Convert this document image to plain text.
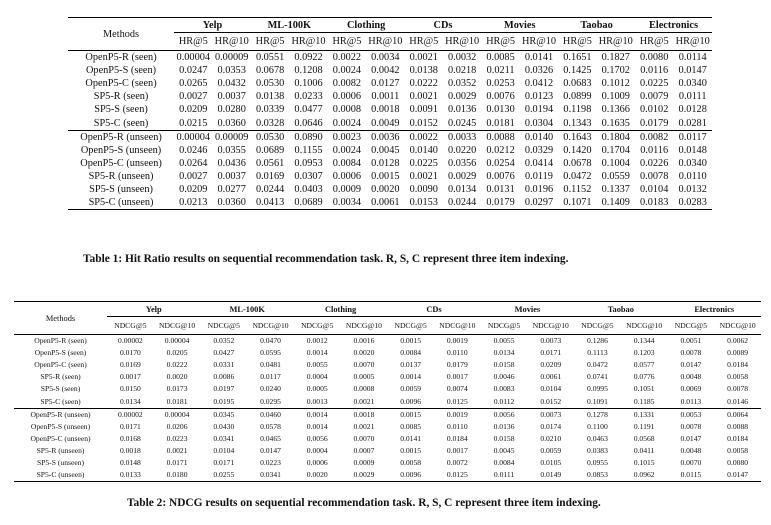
Methods	Yelp		ML-100K		Clothing		CDs		Movies		Taobao		Electronics	
	HR@5	HR@10	HR@5	HR@10	HR@5	HR@10	HR@5	HR@10	HR@5	HR@10	HR@5	HR@10	HR@5	HR@10
OpenP5-R (seen)	0.00004	0.00009	0.0551	0.0922	0.0022	0.0034	0.0021	0.0032	0.0085	0.0141	0.1651	0.1827	0.0080	0.0114
OpenP5-S (seen)	0.0247	0.0353	0.0678	0.1208	0.0024	0.0042	0.0138	0.0218	0.0211	0.0326	0.1425	0.1702	0.0116	0.0147
OpenP5-C (seen)	0.0265	0.0432	0.0530	0.1006	0.0082	0.0127	0.0222	0.0352	0.0253	0.0412	0.0683	0.1012	0.0225	0.0340
SP5-R (seen)	0.0027	0.0037	0.0138	0.0233	0.0006	0.0011	0.0021	0.0029	0.0076	0.0123	0.0899	0.1009	0.0079	0.0111
SP5-S (seen)	0.0209	0.0280	0.0339	0.0477	0.0008	0.0018	0.0091	0.0136	0.0130	0.0194	0.1198	0.1366	0.0102	0.0128
SP5-C (seen)	0.0215	0.0360	0.0328	0.0646	0.0024	0.0049	0.0152	0.0245	0.0181	0.0304	0.1343	0.1635	0.0179	0.0281
OpenP5-R (unseen)	0.00004	0.00009	0.0530	0.0890	0.0023	0.0036	0.0022	0.0033	0.0088	0.0140	0.1643	0.1804	0.0082	0.0117
OpenP5-S (unseen)	0.0246	0.0355	0.0689	0.1155	0.0024	0.0045	0.0140	0.0220	0.0212	0.0329	0.1420	0.1704	0.0116	0.0148
OpenP5-C (unseen)	0.0264	0.0436	0.0561	0.0953	0.0084	0.0128	0.0225	0.0356	0.0254	0.0414	0.0678	0.1004	0.0226	0.0340
SP5-R (unseen)	0.0027	0.0037	0.0169	0.0307	0.0006	0.0015	0.0021	0.0029	0.0076	0.0119	0.0472	0.0559	0.0078	0.0110
SP5-S (unseen)	0.0209	0.0277	0.0244	0.0403	0.0009	0.0020	0.0090	0.0134	0.0131	0.0196	0.1152	0.1337	0.0104	0.0132
SP5-C (unseen)	0.0213	0.0360	0.0413	0.0689	0.0034	0.0061	0.0153	0.0244	0.0179	0.0297	0.1071	0.1409	0.0183	0.0283
Table 1: Hit Ratio results on sequential recommendation task. R, S, C represent three item indexing.
Methods	Yelp		ML-100K		Clothing		CDs		Movies		Taobao		Electronics	
	NDCG@5	NDCG@10	NDCG@5	NDCG@10	NDCG@5	NDCG@10	NDCG@5	NDCG@10	NDCG@5	NDCG@10	NDCG@5	NDCG@10	NDCG@5	NDCG@10
OpenP5-R (seen)	0.00002	0.00004	0.0352	0.0470	0.0012	0.0016	0.0015	0.0019	0.0055	0.0073	0.1286	0.1344	0.0051	0.0062
OpenP5-S (seen)	0.0170	0.0205	0.0427	0.0595	0.0014	0.0020	0.0084	0.0110	0.0134	0.0171	0.1113	0.1203	0.0078	0.0089
OpenP5-C (seen)	0.0169	0.0222	0.0331	0.0481	0.0055	0.0070	0.0137	0.0179	0.0158	0.0209	0.0472	0.0577	0.0147	0.0184
SP5-R (seen)	0.0017	0.0020	0.0086	0.0117	0.0004	0.0005	0.0014	0.0017	0.0046	0.0061	0.0741	0.0776	0.0048	0.0058
SP5-S (seen)	0.0150	0.0173	0.0197	0.0240	0.0005	0.0008	0.0059	0.0074	0.0083	0.0104	0.0995	0.1051	0.0069	0.0078
SP5-C (seen)	0.0134	0.0181	0.0195	0.0295	0.0013	0.0021	0.0096	0.0125	0.0112	0.0152	0.1091	0.1185	0.0113	0.0146
OpenP5-R (unseen)	0.00002	0.00004	0.0345	0.0460	0.0014	0.0018	0.0015	0.0019	0.0056	0.0073	0.1278	0.1331	0.0053	0.0064
OpenP5-S (unseen)	0.0171	0.0206	0.0430	0.0578	0.0014	0.0021	0.0085	0.0110	0.0136	0.0174	0.1100	0.1191	0.0078	0.0088
OpenP5-C (unseen)	0.0168	0.0223	0.0341	0.0465	0.0056	0.0070	0.0141	0.0184	0.0158	0.0210	0.0463	0.0568	0.0147	0.0184
SP5-R (unseen)	0.0018	0.0021	0.0104	0.0147	0.0004	0.0007	0.0015	0.0017	0.0045	0.0059	0.0383	0.0411	0.0048	0.0058
SP5-S (unseen)	0.0148	0.0171	0.0171	0.0223	0.0006	0.0009	0.0058	0.0072	0.0084	0.0105	0.0955	0.1015	0.0070	0.0080
SP5-C (unseen)	0.0133	0.0180	0.0255	0.0341	0.0020	0.0029	0.0096	0.0125	0.0111	0.0149	0.0853	0.0962	0.0115	0.0147
Table 2: NDCG results on sequential recommendation task. R, S, C represent three item indexing.
